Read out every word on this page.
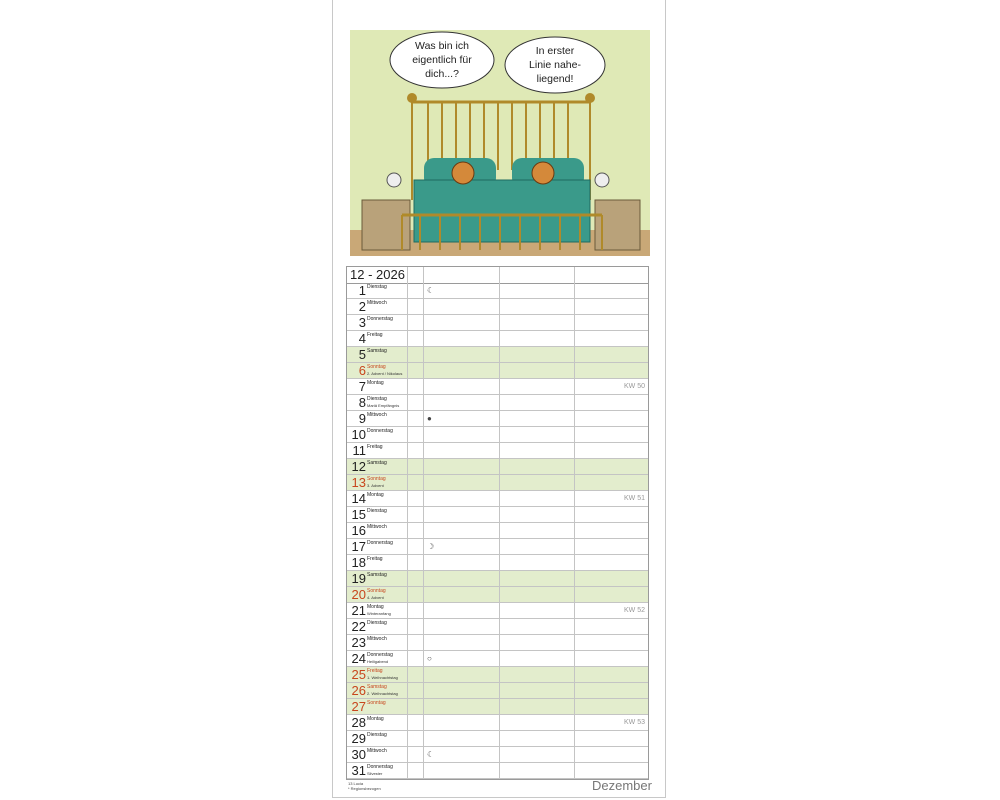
Was bin ich
eigentlich für
dich...?
In erster
Linie nahe-
liegend!
12 - 2026
1 Dienstag	☾
2 Mittwoch
3 Donnerstag
4 Freitag
5 Samstag
6 Sonntag
2. Advent / Nikolaus
7 Montag	KW 50
8 Dienstag
Mariä Empfängnis
9 Mittwoch	●
10 Donnerstag
11 Freitag
12 Samstag
13 Sonntag
3. Advent
14 Montag	KW 51
15 Dienstag
16 Mittwoch
17 Donnerstag	☽
18 Freitag
19 Samstag
20 Sonntag
4. Advent
21 Montag
Winteranfang	KW 52
22 Dienstag
23 Mittwoch
24 Donnerstag
Heiligabend	○
25 Freitag
1. Weihnachtstag
26 Samstag
2. Weihnachtstag
27 Sonntag
28 Montag	KW 53
29 Dienstag
30 Mittwoch	☾
31 Donnerstag
Silvester
13 Lucia
* Regionsbezogen	Dezember
